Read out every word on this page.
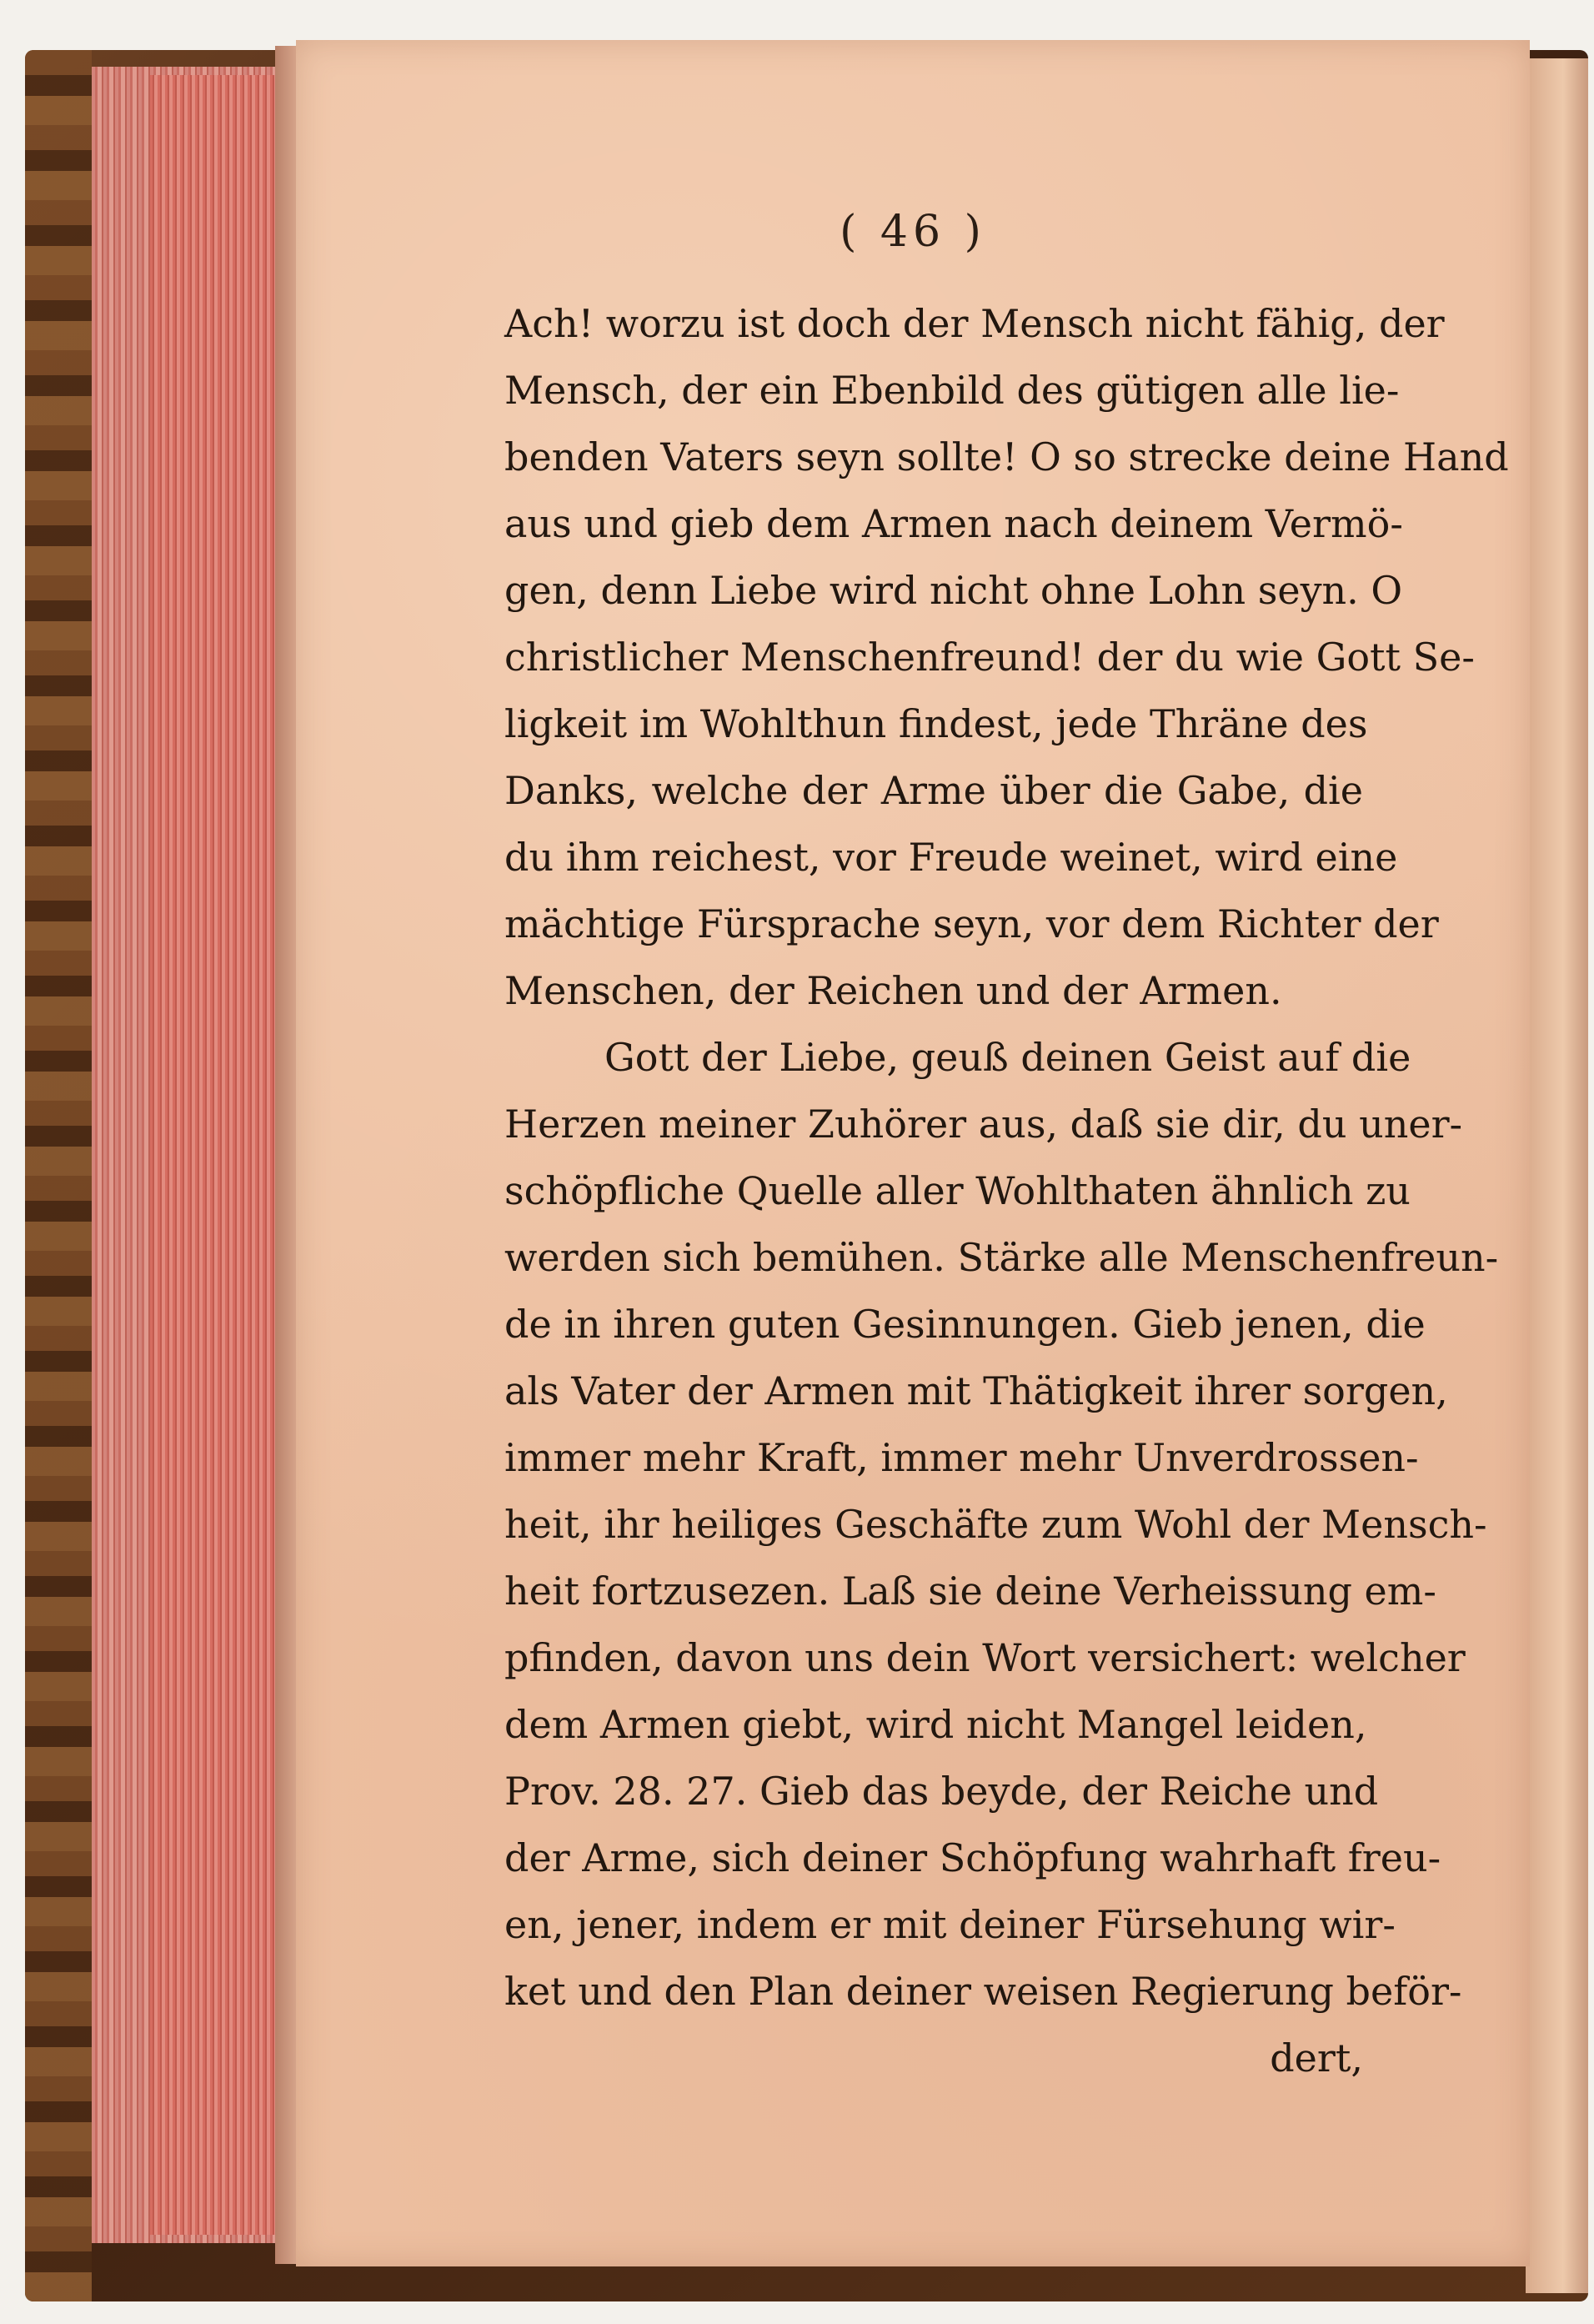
( 46 )
Ach! worzu ist doch der Mensch nicht fähig, der
Mensch, der ein Ebenbild des gütigen alle lie-
benden Vaters seyn sollte! O so strecke deine Hand
aus und gieb dem Armen nach deinem Vermö-
gen, denn Liebe wird nicht ohne Lohn seyn. O
christlicher Menschenfreund! der du wie Gott Se-
ligkeit im Wohlthun findest, jede Thräne des
Danks, welche der Arme über die Gabe, die
du ihm reichest, vor Freude weinet, wird eine
mächtige Fürsprache seyn, vor dem Richter der
Menschen, der Reichen und der Armen.
Gott der Liebe, geuß deinen Geist auf die
Herzen meiner Zuhörer aus, daß sie dir, du uner-
schöpfliche Quelle aller Wohlthaten ähnlich zu
werden sich bemühen. Stärke alle Menschenfreun-
de in ihren guten Gesinnungen. Gieb jenen, die
als Vater der Armen mit Thätigkeit ihrer sorgen,
immer mehr Kraft, immer mehr Unverdrossen-
heit, ihr heiliges Geschäfte zum Wohl der Mensch-
heit fortzusezen. Laß sie deine Verheissung em-
pfinden, davon uns dein Wort versichert: welcher
dem Armen giebt, wird nicht Mangel leiden,
Prov. 28. 27. Gieb das beyde, der Reiche und
der Arme, sich deiner Schöpfung wahrhaft freu-
en, jener, indem er mit deiner Fürsehung wir-
ket und den Plan deiner weisen Regierung beför-
dert,
